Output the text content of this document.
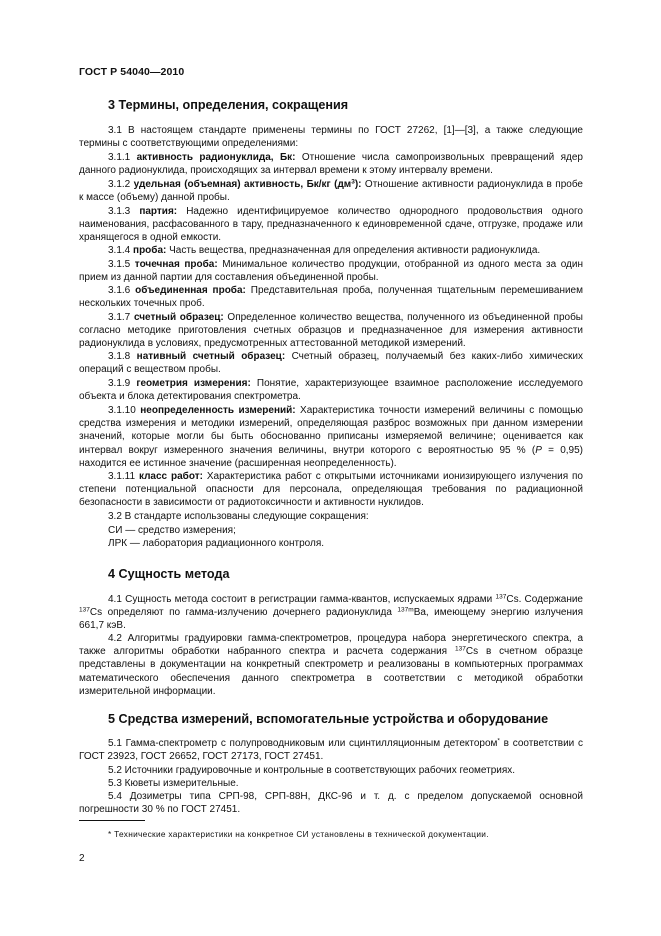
ГОСТ Р 54040—2010
3 Термины, определения, сокращения
3.1 В настоящем стандарте применены термины по ГОСТ 27262, [1]—[3], а также следующие термины с соответствующими определениями:
3.1.1 активность радионуклида, Бк: Отношение числа самопроизвольных превращений ядер данного радионуклида, происходящих за интервал времени к этому интервалу времени.
3.1.2 удельная (объемная) активность, Бк/кг $(дм^3)$: Отношение активности радионуклида в пробе к массе (объему) данной пробы.
3.1.3 партия: Надежно идентифицируемое количество однородного продовольствия одного наименования, расфасованного в тару, предназначенного к единовременной сдаче, отгрузке, продаже или хранящегося в одной емкости.
3.1.4 проба: Часть вещества, предназначенная для определения активности радионуклида.
3.1.5 точечная проба: Минимальное количество продукции, отобранной из одного места за один прием из данной партии для составления объединенной пробы.
3.1.6 объединенная проба: Представительная проба, полученная тщательным перемешиванием нескольких точечных проб.
3.1.7 счетный образец: Определенное количество вещества, полученного из объединенной пробы согласно методике приготовления счетных образцов и предназначенное для измерения активности радионуклида в условиях, предусмотренных аттестованной методикой измерений.
3.1.8 нативный счетный образец: Счетный образец, получаемый без каких-либо химических операций с веществом пробы.
3.1.9 геометрия измерения: Понятие, характеризующее взаимное расположение исследуемого объекта и блока детектирования спектрометра.
3.1.10 неопределенность измерений: Характеристика точности измерений величины с помощью средства измерения и методики измерений, определяющая разброс возможных при данном измерении значений, которые могли бы быть обоснованно приписаны измеряемой величине; оценивается как интервал вокруг измеренного значения величины, внутри которого с вероятностью 95 % (P = 0,95) находится ее истинное значение (расширенная неопределенность).
3.1.11 класс работ: Характеристика работ с открытыми источниками ионизирующего излучения по степени потенциальной опасности для персонала, определяющая требования по радиационной безопасности в зависимости от радиотоксичности и активности нуклидов.
3.2 В стандарте использованы следующие сокращения:
СИ — средство измерения;
ЛРК — лаборатория радиационного контроля.
4 Сущность метода
4.1 Сущность метода состоит в регистрации гамма-квантов, испускаемых ядрами $^{137}$Cs. Содержание $^{137}$Cs определяют по гамма-излучению дочернего радионуклида $^{137m}$Ba, имеющему энергию излучения 661,7 кэВ.
4.2 Алгоритмы градуировки гамма-спектрометров, процедура набора энергетического спектра, а также алгоритмы обработки набранного спектра и расчета содержания $^{137}$Cs в счетном образце представлены в документации на конкретный спектрометр и реализованы в компьютерных программах математического обеспечения данного спектрометра в соответствии с методикой обработки измерительной информации.
5 Средства измерений, вспомогательные устройства и оборудование
5.1 Гамма-спектрометр с полупроводниковым или сцинтилляционным детектором* в соответствии с ГОСТ 23923, ГОСТ 26652, ГОСТ 27173, ГОСТ 27451.
5.2 Источники градуировочные и контрольные в соответствующих рабочих геометриях.
5.3 Кюветы измерительные.
5.4 Дозиметры типа СРП-98, СРП-88Н, ДКС-96 и т. д. с пределом допускаемой основной погрешности 30 % по ГОСТ 27451.
* Технические характеристики на конкретное СИ установлены в технической документации.
2
